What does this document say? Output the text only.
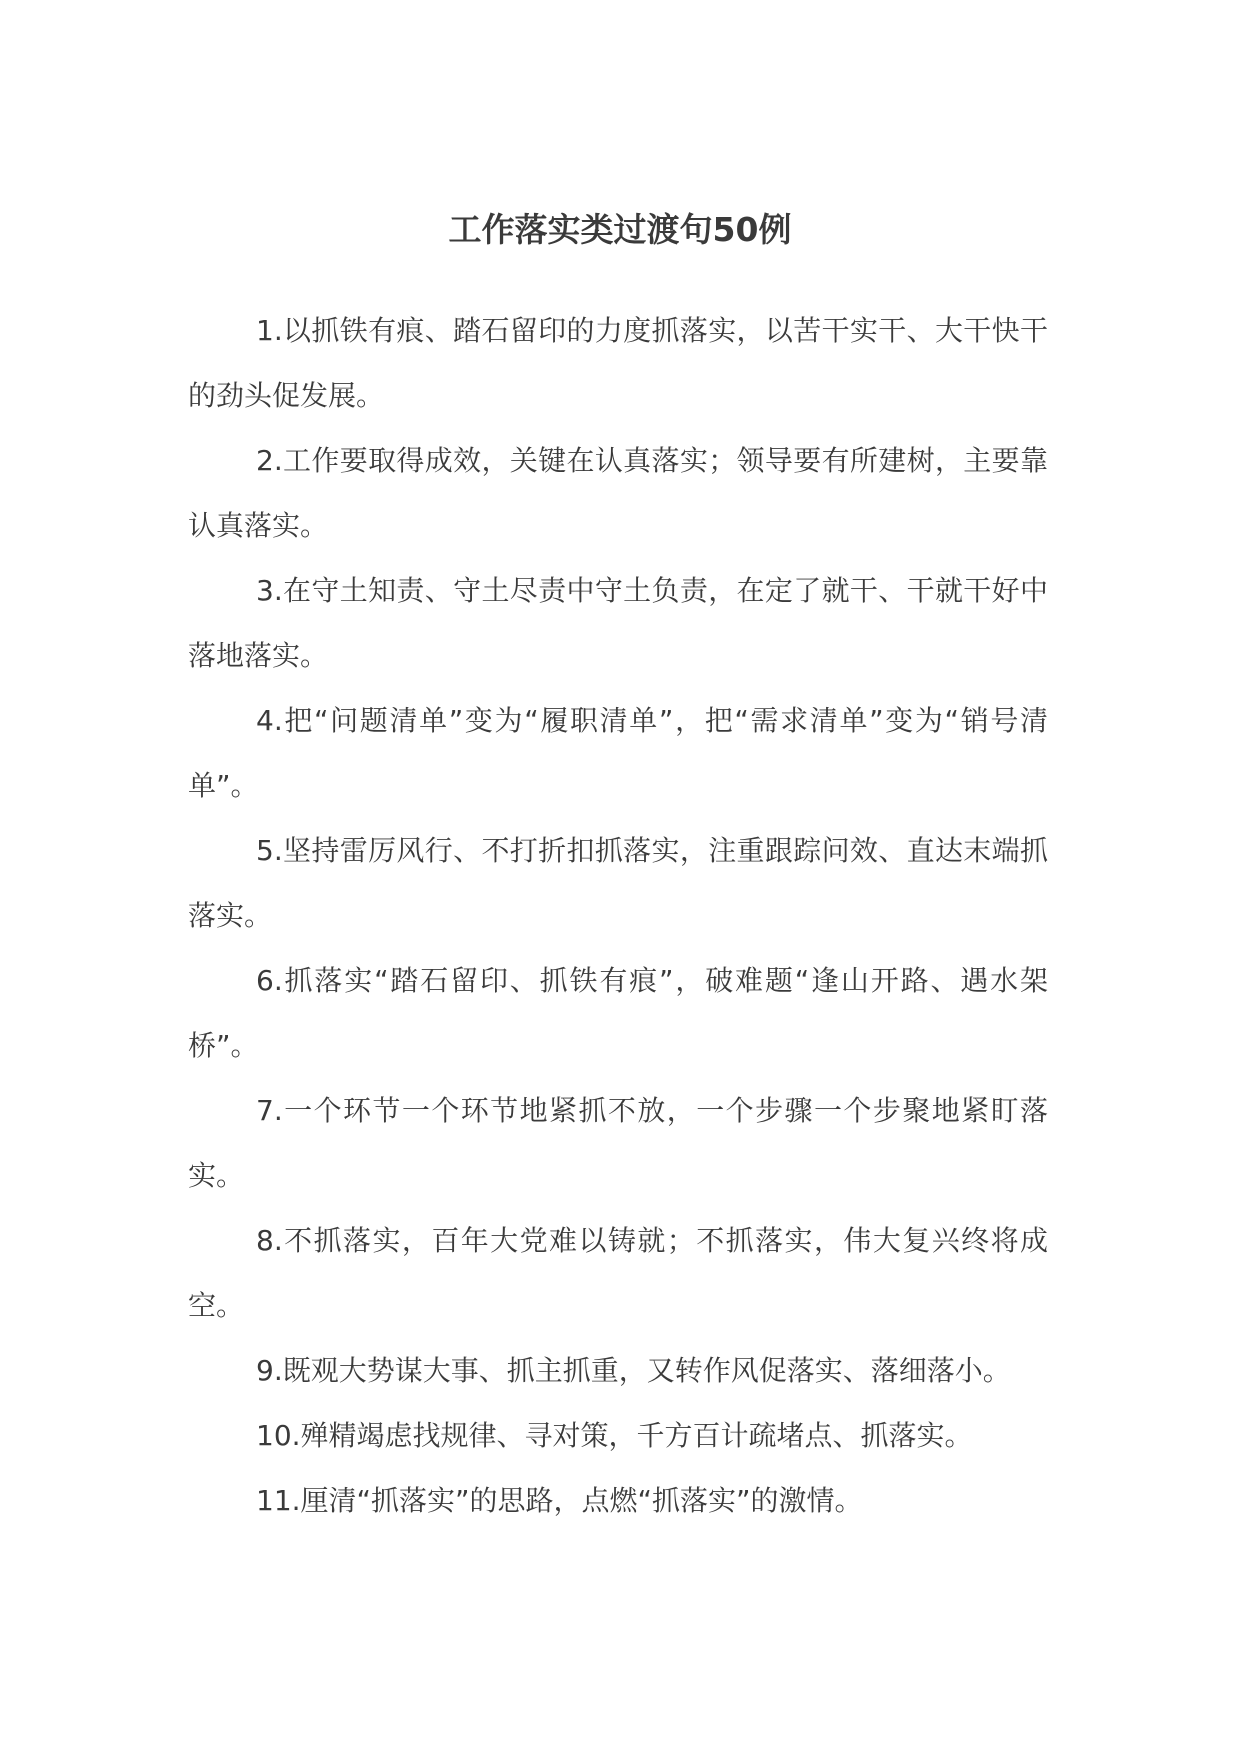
工作落实类过渡句50例

1.以抓铁有痕、踏石留印的力度抓落实，以苦干实干、大干快干的劲头促发展。

2.工作要取得成效，关键在认真落实；领导要有所建树，主要靠认真落实。

3.在守土知责、守土尽责中守土负责，在定了就干、干就干好中落地落实。

4.把“问题清单”变为“履职清单”，把“需求清单”变为“销号清单”。

5.坚持雷厉风行、不打折扣抓落实，注重跟踪问效、直达末端抓落实。

6.抓落实“踏石留印、抓铁有痕”，破难题“逢山开路、遇水架桥”。

7.一个环节一个环节地紧抓不放，一个步骤一个步聚地紧盯落实。

8.不抓落实，百年大党难以铸就；不抓落实，伟大复兴终将成空。

9.既观大势谋大事、抓主抓重，又转作风促落实、落细落小。

10.殚精竭虑找规律、寻对策，千方百计疏堵点、抓落实。

11.厘清“抓落实”的思路，点燃“抓落实”的激情。
